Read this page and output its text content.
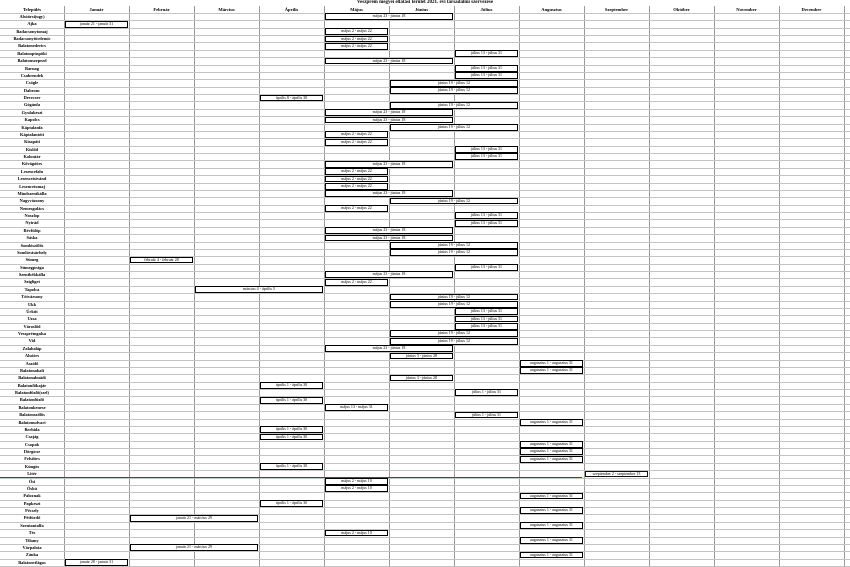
Veszprém megyei ellátási terület 2021. évi társadalmi szervezése
Település	Január	Február	Március	Április	Május	Június	Július	Augusztus	Szeptember	Október	November	December
Alsóörsi(ugy)	május 23 - június 18
Ajka	január 21 - január 31
Badacsonytomaj	május 2 - május 22
Badacsonytördemic	május 2 - május 22
Balatonederics	május 2 - május 22
Balatonpüspöki	július 13 - július 31
Balatonszepezd	május 23 - június 18
Barnag	július 13 - július 31
Csabrendek	július 13 - július 31
Csögle	június 19 - július 12
Dabronc	június 19 - július 12
Devecser	április 8 - április 30
Gógánfa	június 19 - július 12
Gyulakeszi	május 23 - június 18
Kapolcs	május 23 - június 18
Káptalanfa	június 19 - július 12
Káptalantóti	május 2 - május 22
Kisapáti	május 2 - május 22
Kislőd	július 13 - július 31
Kolontár	július 13 - július 31
Kővágóörs	május 23 - június 18
Lesencefalu	május 2 - május 22
Lesenceistvánd	május 2 - május 22
Lesencetomaj	május 2 - május 22
Mindszentkálla	május 23 - június 18
Nagyvázsony	június 19 - július 12
Nemesgulács	május 2 - május 22
Noszlop	július 13 - július 31
Nyirád	július 13 - július 31
Révfülöp	május 23 - június 18
Sáska	május 23 - június 18
Somlószőlős	június 19 - július 12
Somlóvásárhely	június 19 - július 12
Sümeg	február 4 - február 28
Sümegprága	július 13 - július 31
Szentbékkálla	május 23 - június 18
Szigliget	május 2 - május 22
Tapolca	március 4 - április 5
Tótvázsony	június 19 - július 12
Ukk	június 19 - július 12
Úrkút	július 13 - július 31
Uzsa	július 13 - július 31
Városlőd	július 13 - július 31
Veszprémgalsa	június 19 - július 12
Vid	június 19 - július 12
Zalahaláp	május 23 - június 18
Alsóörs	június 3 - június 28
Aszófő	augusztus 1 - augusztus 31
Balatonakali	augusztus 1 - augusztus 31
Balatonalmádi	június 3 - június 28
Balatonfőkajár	április 1 - április 30
Balatonfűzfő(szel)	július 1 - július 31
Balatonfűzfő	április 1 - április 30
Balatonkenese	május 13 - május 31
Balatonszőlős	július 1 - július 31
Balatonudvari	augusztus 1 - augusztus 31
Berhida	április 1 - április 30
Csajág	április 1 - április 30
Csopak	augusztus 1 - augusztus 31
Dörgicse	augusztus 1 - augusztus 31
Felsőörs	augusztus 1 - augusztus 31
Küngös	április 1 - április 30
Litér	szeptember 2 - szeptember 13
Ősi	május 2 - május 10
Öskü	május 2 - május 10
Paloznak	augusztus 1 - augusztus 31
Papkeszi	április 1 - április 30
Pécsely	augusztus 1 - augusztus 31
Pétfürdő	január 21 - március 29
Szentantalfa	augusztus 1 - augusztus 31
Tés	május 2 - május 10
Tihany	augusztus 1 - augusztus 31
Várpalota	január 21 - március 29
Zánka	augusztus 1 - augusztus 31
Balatonvilágos	január 28 - január 31
